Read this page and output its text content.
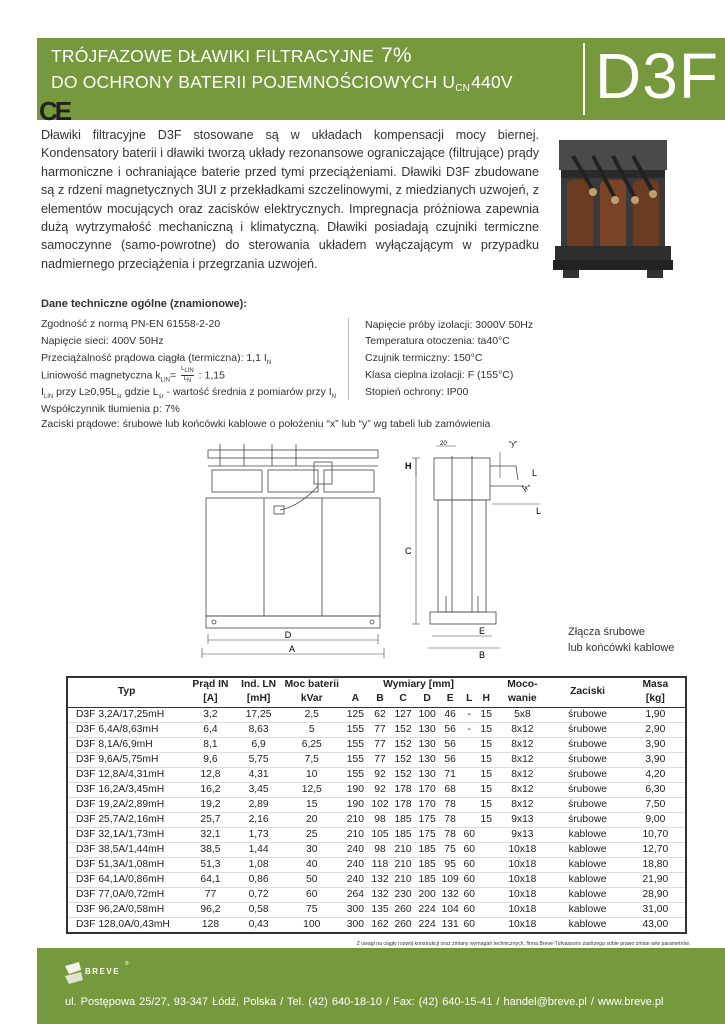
TRÓJFAZOWE DŁAWIKI FILTRACYJNE 7%
DO OCHRONY BATERII POJEMNOŚCIOWYCH $U_{CN}440V$ D3F
CE
Dławiki filtracyjne D3F stosowane są w układach kompensacji mocy biernej. Kondensatory baterii i dławiki tworzą układy rezonansowe ograniczające (filtrujące) prądy harmoniczne i ochraniające baterie przed tymi przeciążeniami. Dławiki D3F zbudowane są z rdzeni magnetycznych 3UI z przekładkami szczelinowymi, z miedzianych uzwojeń, z elementów mocujących oraz zacisków elektrycznych. Impregnacja próżniowa zapewnia dużą wytrzymałość mechaniczną i klimatyczną. Dławiki posiadają czujniki termiczne samoczynne (samo-powrotne) do sterowania układem wyłączającym w przypadku nadmiernego przeciążenia i przegrzania uzwojeń.
Dane techniczne ogólne (znamionowe):
Zgodność z normą PN-EN 61558-2-20
Napięcie sieci: 400V 50Hz
Przeciążalność prądowa ciągła (termiczna): 1,1 $I_N$
Liniowość magnetyczna $k_{LIN}= \frac{L_{LIN}}{L_N}$ : 1,15
$I_{LIN}$ przy $L\ge 0,95L_{śr}$ gdzie $L_{śr}$ - wartość średnia z pomiarów przy $I_N$
Współczynnik tłumienia p: 7%
Zaciski prądowe: śrubowe lub końcówki kablowe o położeniu “x” lub “y” wg tabeli lub zamówienia
Napięcie próby izolacji: 3000V 50Hz
Temperatura otoczenia: ta40°C
Czujnik termiczny: 150°C
Klasa cieplna izolacji: F (155°C)
Stopień ochrony: IP00
D
A
H
C
20	“y”
“x”
L
L
E
B
Złącza śrubowe
lub końcówki kablowe
Typ	Prąd IN	Ind. LN	Moc baterii	Wymiary [mm]							Moco-	Zaciski	Masa
	[A]	[mH]	kVar	A	B	C	D	E	L	H	wanie		[kg]
D3F 3,2A/17,25mH	3,2	17,25	2,5	125	62	127	100	46	-	15	5x8	śrubowe	1,90
D3F 6,4A/8,63mH	6,4	8,63	5	155	77	152	130	56	-	15	8x12	śrubowe	2,90
D3F 8,1A/6,9mH	8,1	6,9	6,25	155	77	152	130	56		15	8x12	śrubowe	3,90
D3F 9,6A/5,75mH	9,6	5,75	7,5	155	77	152	130	56		15	8x12	śrubowe	3,90
D3F 12,8A/4,31mH	12,8	4,31	10	155	92	152	130	71		15	8x12	śrubowe	4,20
D3F 16,2A/3,45mH	16,2	3,45	12,5	190	92	178	170	68		15	8x12	śrubowe	6,30
D3F 19,2A/2,89mH	19,2	2,89	15	190	102	178	170	78		15	8x12	śrubowe	7,50
D3F 25,7A/2,16mH	25,7	2,16	20	210	98	185	175	78		15	9x13	śrubowe	9,00
D3F 32,1A/1,73mH	32,1	1,73	25	210	105	185	175	78	60		9x13	kablowe	10,70
D3F 38,5A/1,44mH	38,5	1,44	30	240	98	210	185	75	60		10x18	kablowe	12,70
D3F 51,3A/1,08mH	51,3	1,08	40	240	118	210	185	95	60		10x18	kablowe	18,80
D3F 64,1A/0,86mH	64,1	0,86	50	240	132	210	185	109	60		10x18	kablowe	21,90
D3F 77,0A/0,72mH	77	0,72	60	264	132	230	200	132	60		10x18	kablowe	28,90
D3F 96,2A/0,58mH	96,2	0,58	75	300	135	260	224	104	60		10x18	kablowe	31,00
D3F 128,0A/0,43mH	128	0,43	100	300	162	260	224	131	60		10x18	kablowe	43,00
Z uwagi na ciągły rozwój konstrukcji oraz zmiany wymagań technicznych, firma Breve-Tufvassons zastrzega sobie prawo zmian w/w parametrów.
BREVE
®
ul. Postępowa 25/27, 93-347 Łódź, Polska / Tel. (42) 640-18-10 / Fax: (42) 640-15-41 / handel@breve.pl / www.breve.pl
